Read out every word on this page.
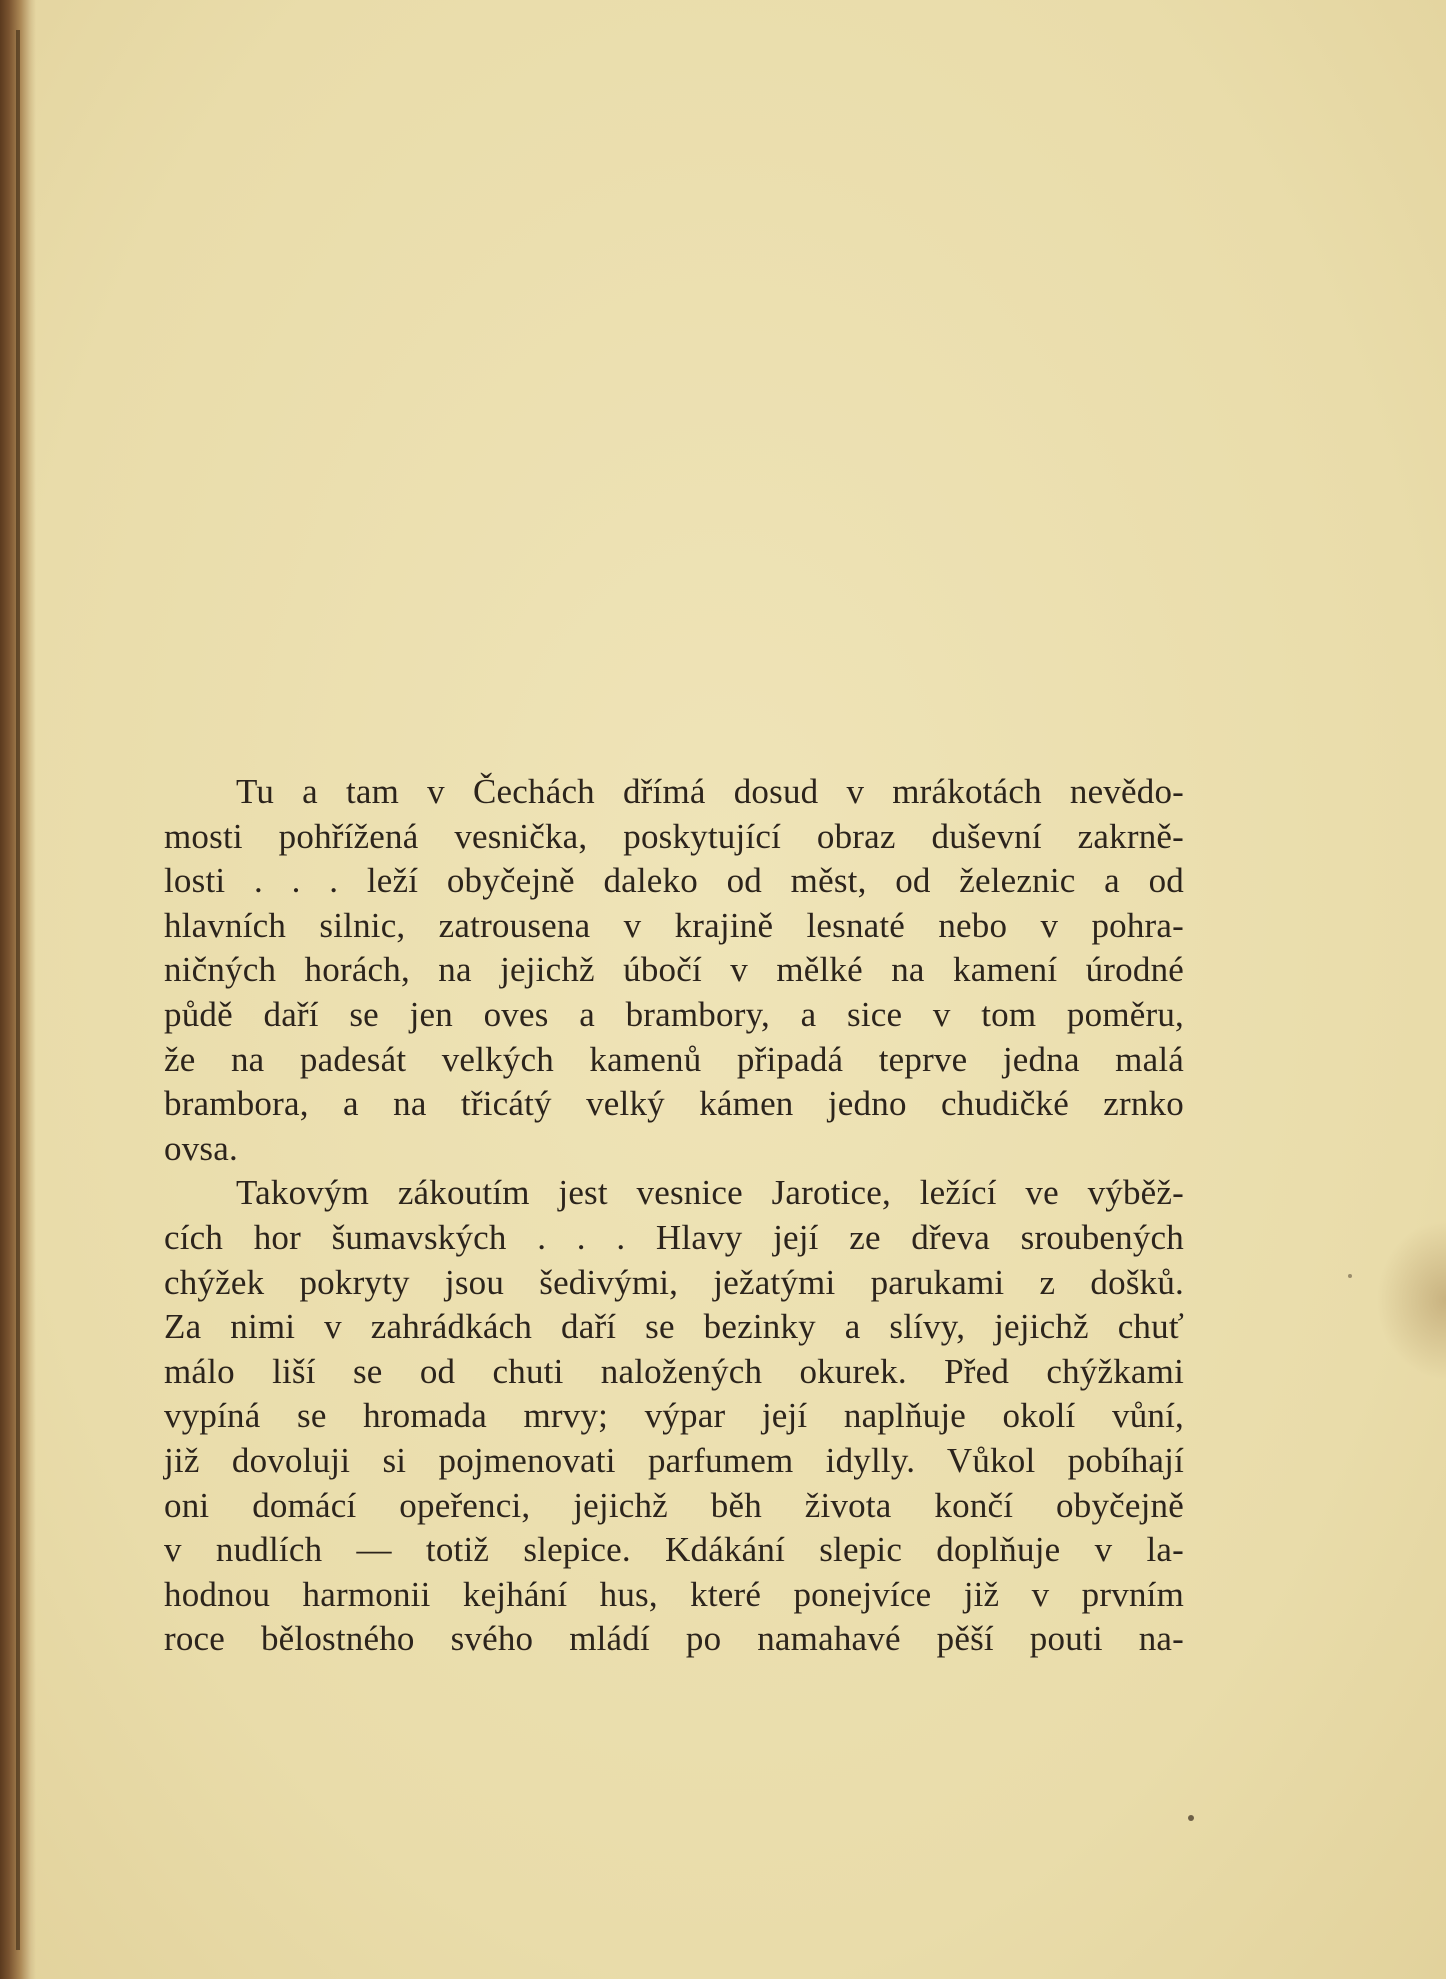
Tu a tam v Čechách dřímá dosud v mrákotách nevědo-
mosti pohřížená vesnička, poskytující obraz duševní zakrně-
losti . . . leží obyčejně daleko od měst, od železnic a od
hlavních silnic, zatrousena v krajině lesnaté nebo v pohra-
ničných horách, na jejichž úbočí v mělké na kamení úrodné
půdě daří se jen oves a brambory, a sice v tom poměru,
že na padesát velkých kamenů připadá teprve jedna malá
brambora, a na třicátý velký kámen jedno chudičké zrnko
ovsa.
Takovým zákoutím jest vesnice Jarotice, ležící ve výběž-
cích hor šumavských . . . Hlavy její ze dřeva sroubených
chýžek pokryty jsou šedivými, ježatými parukami z došků.
Za nimi v zahrádkách daří se bezinky a slívy, jejichž chuť
málo liší se od chuti naložených okurek. Před chýžkami
vypíná se hromada mrvy; výpar její naplňuje okolí vůní,
již dovoluji si pojmenovati parfumem idylly. Vůkol pobíhají
oni domácí opeřenci, jejichž běh života končí obyčejně
v nudlích — totiž slepice. Kdákání slepic doplňuje v la-
hodnou harmonii kejhání hus, které ponejvíce již v prvním
roce bělostného svého mládí po namahavé pěší pouti na-
